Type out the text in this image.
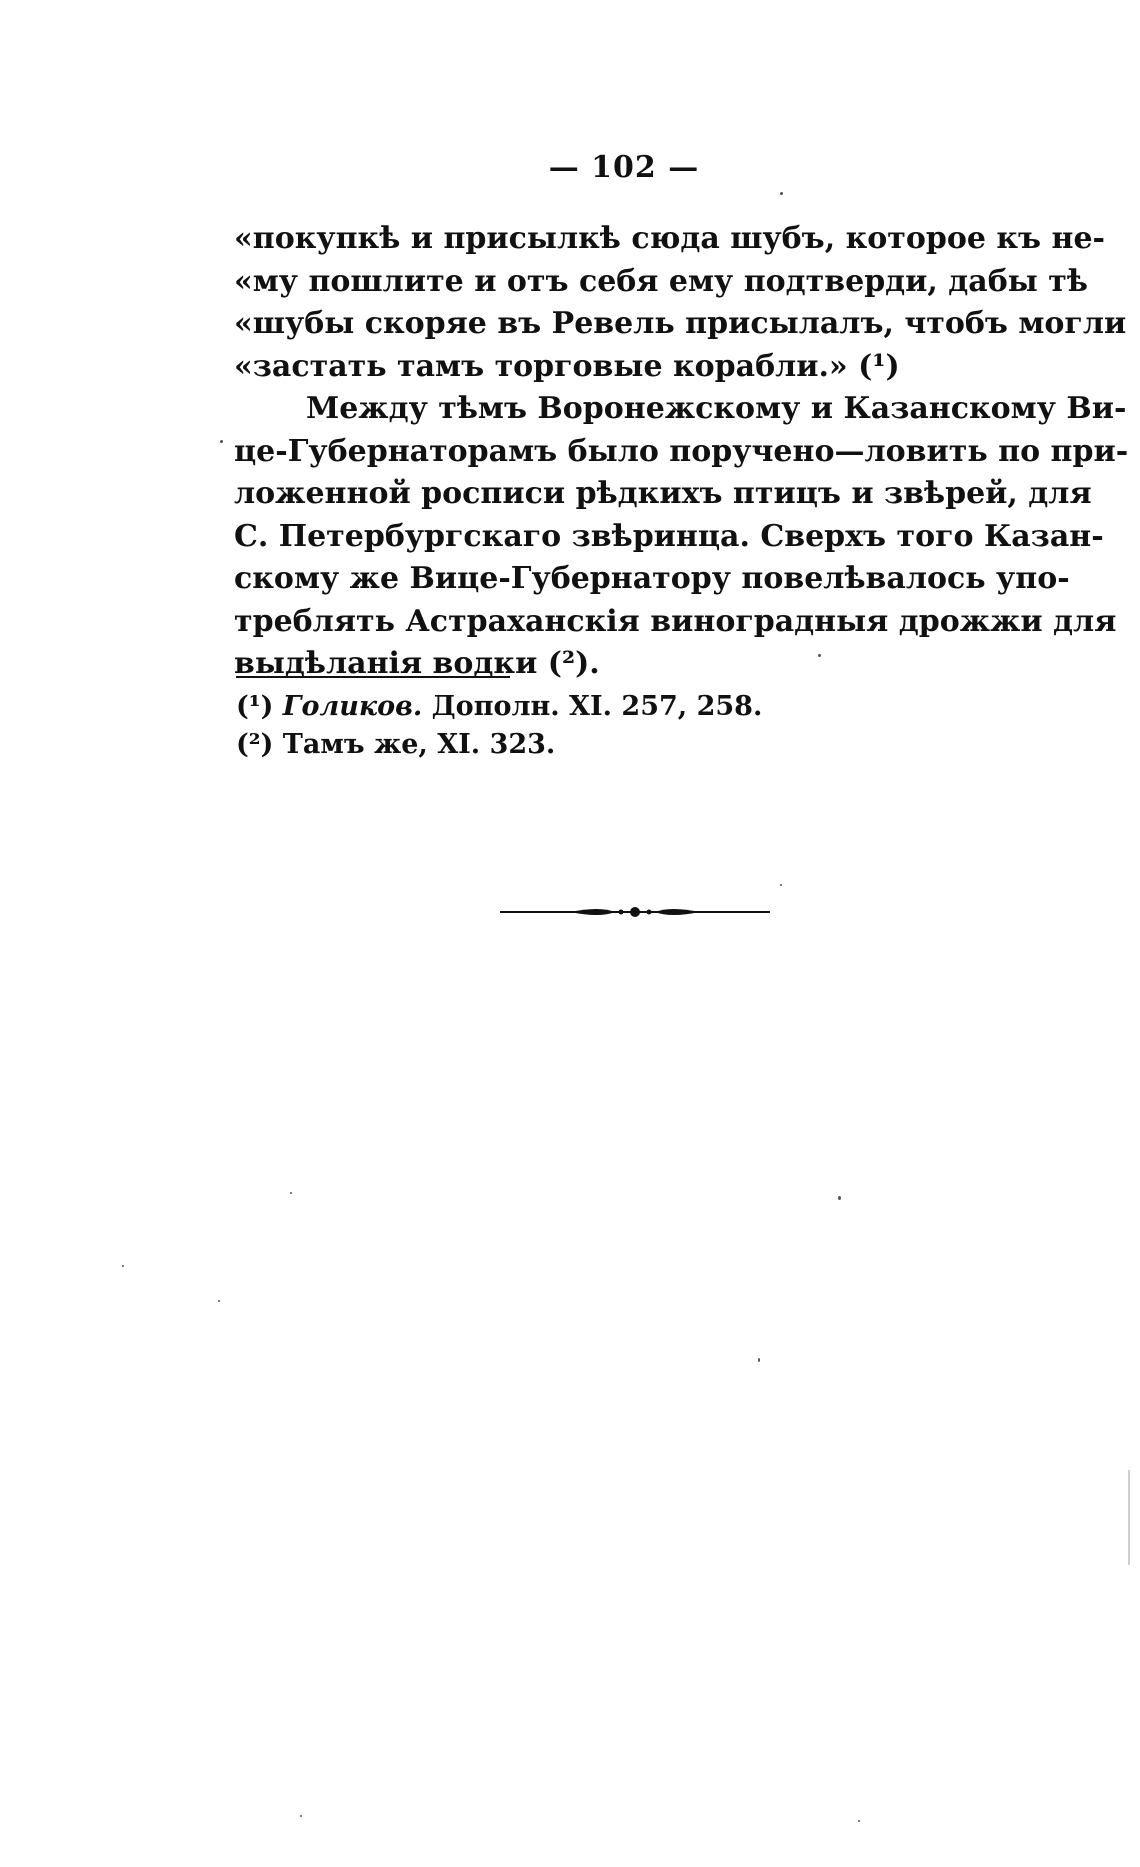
— 102 —
«покупкѣ и присылкѣ сюда шубъ, которое къ не-
«му пошлите и отъ себя ему подтверди, дабы тѣ
«шубы скоряе въ Ревель присылалъ, чтобъ могли
«застать тамъ торговые корабли.» (¹)
Между тѣмъ Воронежскому и Казанскому Ви-
це-Губернаторамъ было поручено—ловить по при-
ложенной росписи рѣдкихъ птицъ и звѣрей, для
С. Петербургскаго звѣринца. Сверхъ того Казан-
скому же Вице-Губернатору повелѣвалось упо-
треблять Астраханскія виноградныя дрожжи для
выдѣланія водки (²).
(¹) Голиков. Дополн. XI. 257, 258.
(²) Тамъ же, XI. 323.
